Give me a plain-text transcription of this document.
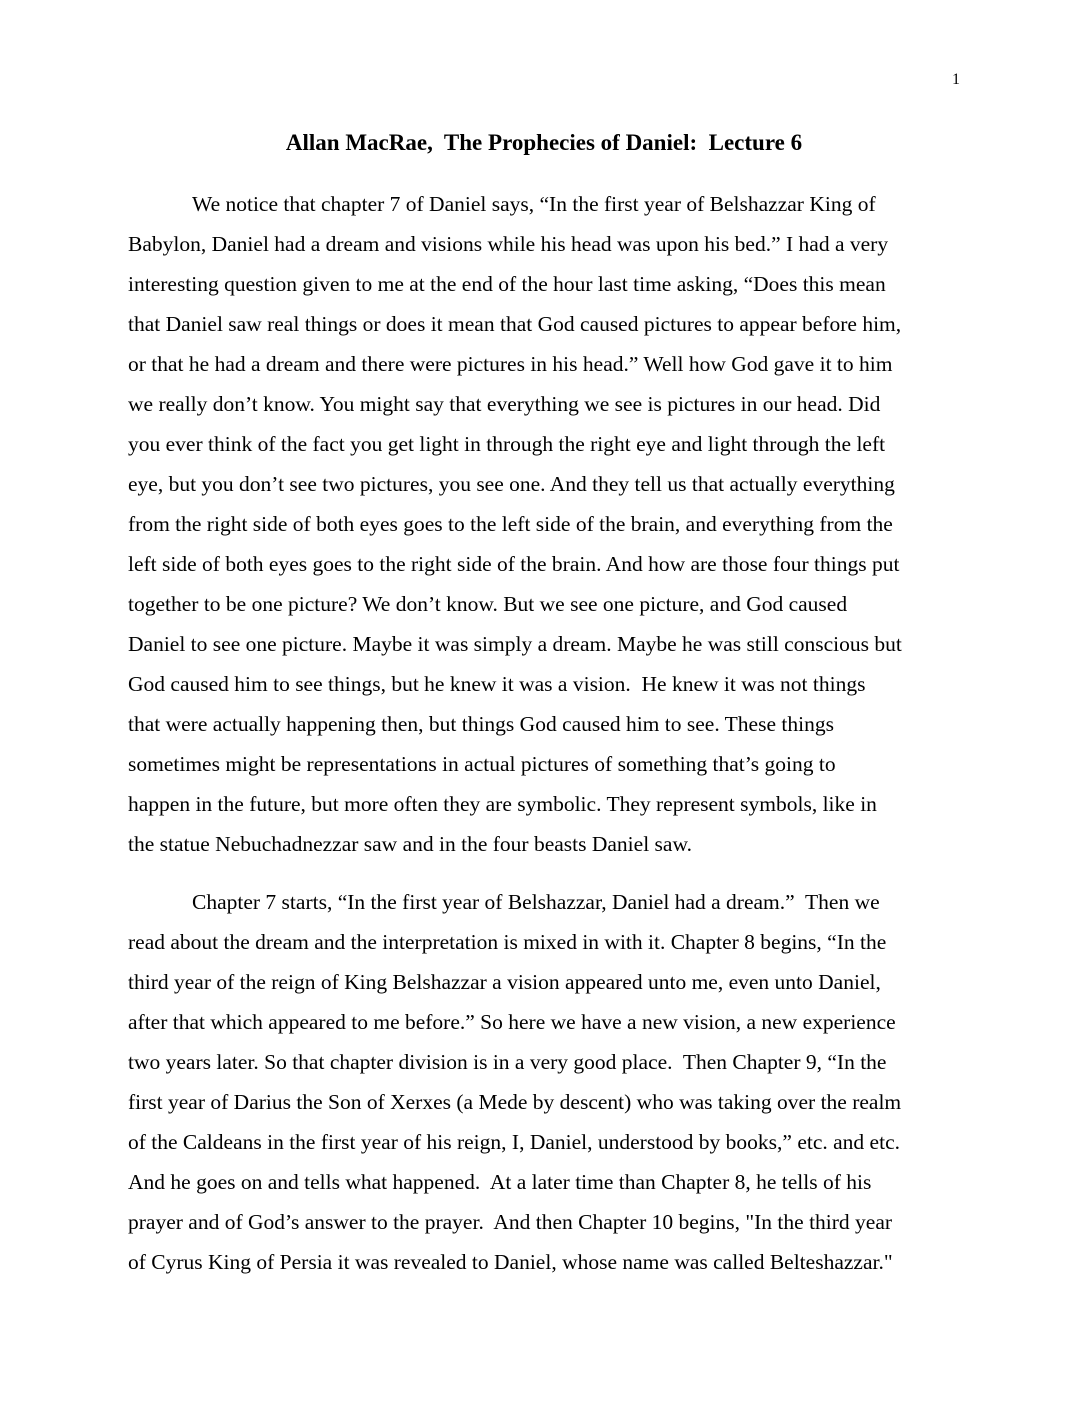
1
Allan MacRae,  The Prophecies of Daniel:  Lecture 6
We notice that chapter 7 of Daniel says, “In the first year of Belshazzar King of
Babylon, Daniel had a dream and visions while his head was upon his bed.” I had a very
interesting question given to me at the end of the hour last time asking, “Does this mean
that Daniel saw real things or does it mean that God caused pictures to appear before him,
or that he had a dream and there were pictures in his head.” Well how God gave it to him
we really don’t know. You might say that everything we see is pictures in our head. Did
you ever think of the fact you get light in through the right eye and light through the left
eye, but you don’t see two pictures, you see one. And they tell us that actually everything
from the right side of both eyes goes to the left side of the brain, and everything from the
left side of both eyes goes to the right side of the brain. And how are those four things put
together to be one picture? We don’t know. But we see one picture, and God caused
Daniel to see one picture. Maybe it was simply a dream. Maybe he was still conscious but
God caused him to see things, but he knew it was a vision.  He knew it was not things
that were actually happening then, but things God caused him to see. These things
sometimes might be representations in actual pictures of something that’s going to
happen in the future, but more often they are symbolic. They represent symbols, like in
the statue Nebuchadnezzar saw and in the four beasts Daniel saw.
Chapter 7 starts, “In the first year of Belshazzar, Daniel had a dream.”  Then we
read about the dream and the interpretation is mixed in with it. Chapter 8 begins, “In the
third year of the reign of King Belshazzar a vision appeared unto me, even unto Daniel,
after that which appeared to me before.” So here we have a new vision, a new experience
two years later. So that chapter division is in a very good place.  Then Chapter 9, “In the
first year of Darius the Son of Xerxes (a Mede by descent) who was taking over the realm
of the Caldeans in the first year of his reign, I, Daniel, understood by books,” etc. and etc.
And he goes on and tells what happened.  At a later time than Chapter 8, he tells of his
prayer and of God’s answer to the prayer.  And then Chapter 10 begins, "In the third year
of Cyrus King of Persia it was revealed to Daniel, whose name was called Belteshazzar."
